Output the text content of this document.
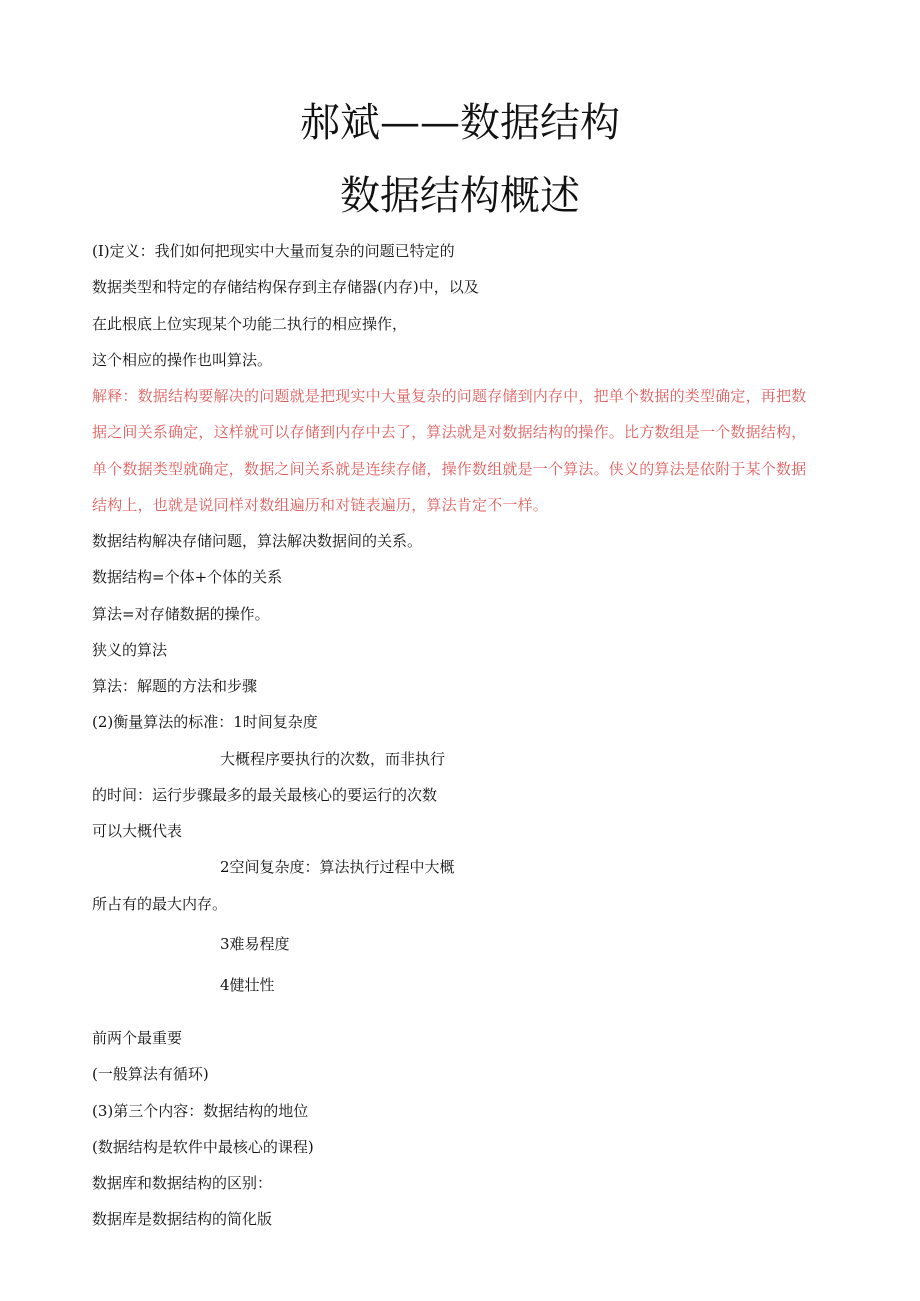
郝斌——数据结构
数据结构概述
(I)定义：我们如何把现实中大量而复杂的问题已特定的
数据类型和特定的存储结构保存到主存储器(内存)中，以及
在此根底上位实现某个功能二执行的相应操作，
这个相应的操作也叫算法。
解释：数据结构要解决的问题就是把现实中大量复杂的问题存储到内存中，把单个数据的类型确定，再把数
据之间关系确定，这样就可以存储到内存中去了，算法就是对数据结构的操作。比方数组是一个数据结构，
单个数据类型就确定，数据之间关系就是连续存储，操作数组就是一个算法。侠义的算法是依附于某个数据
结构上，也就是说同样对数组遍历和对链表遍历，算法肯定不一样。
数据结构解决存储问题，算法解决数据间的关系。
数据结构=个体+个体的关系
算法=对存储数据的操作。
狭义的算法
算法：解题的方法和步骤
(2)衡量算法的标准：1时间复杂度
大概程序要执行的次数，而非执行
的时间：运行步骤最多的最关最核心的要运行的次数
可以大概代表
2空间复杂度：算法执行过程中大概
所占有的最大内存。
3难易程度
4健壮性
前两个最重要
(一般算法有循环)
(3)第三个内容：数据结构的地位
(数据结构是软件中最核心的课程)
数据库和数据结构的区别：
数据库是数据结构的简化版
